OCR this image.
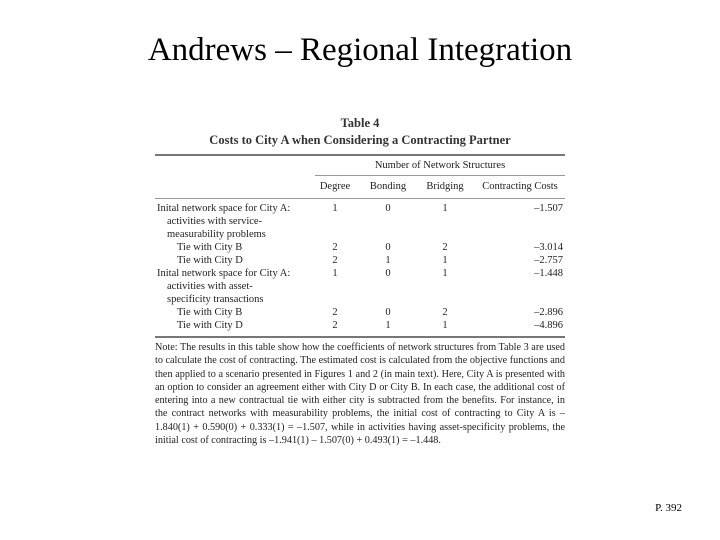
Andrews – Regional Integration

Table 4

Costs to City A when Considering a Contracting Partner

Number of Network Structures
Degree	Bonding	Bridging	Contracting Costs
Inital network space for City A:	1	0	1	–1.507
activities with service-
measurability problems
Tie with City B	2	0	2	–3.014
Tie with City D	2	1	1	–2.757
Inital network space for City A:	1	0	1	–1.448
activities with asset-
specificity transactions
Tie with City B	2	0	2	–2.896
Tie with City D	2	1	1	–4.896

Note: The results in this table show how the coefficients of network structures from Table 3 are used to calculate the cost of contracting. The estimated cost is calculated from the objective functions and then applied to a scenario presented in Figures 1 and 2 (in main text). Here, City A is presented with an option to consider an agreement either with City D or City B. In each case, the additional cost of entering into a new contractual tie with either city is subtracted from the benefits. For instance, in the contract networks with measurability problems, the initial cost of contracting to City A is –1.840(1) + 0.590(0) + 0.333(1) = –1.507, while in activities having asset-specificity problems, the initial cost of contracting is –1.941(1) – 1.507(0) + 0.493(1) = –1.448.

P. 392
